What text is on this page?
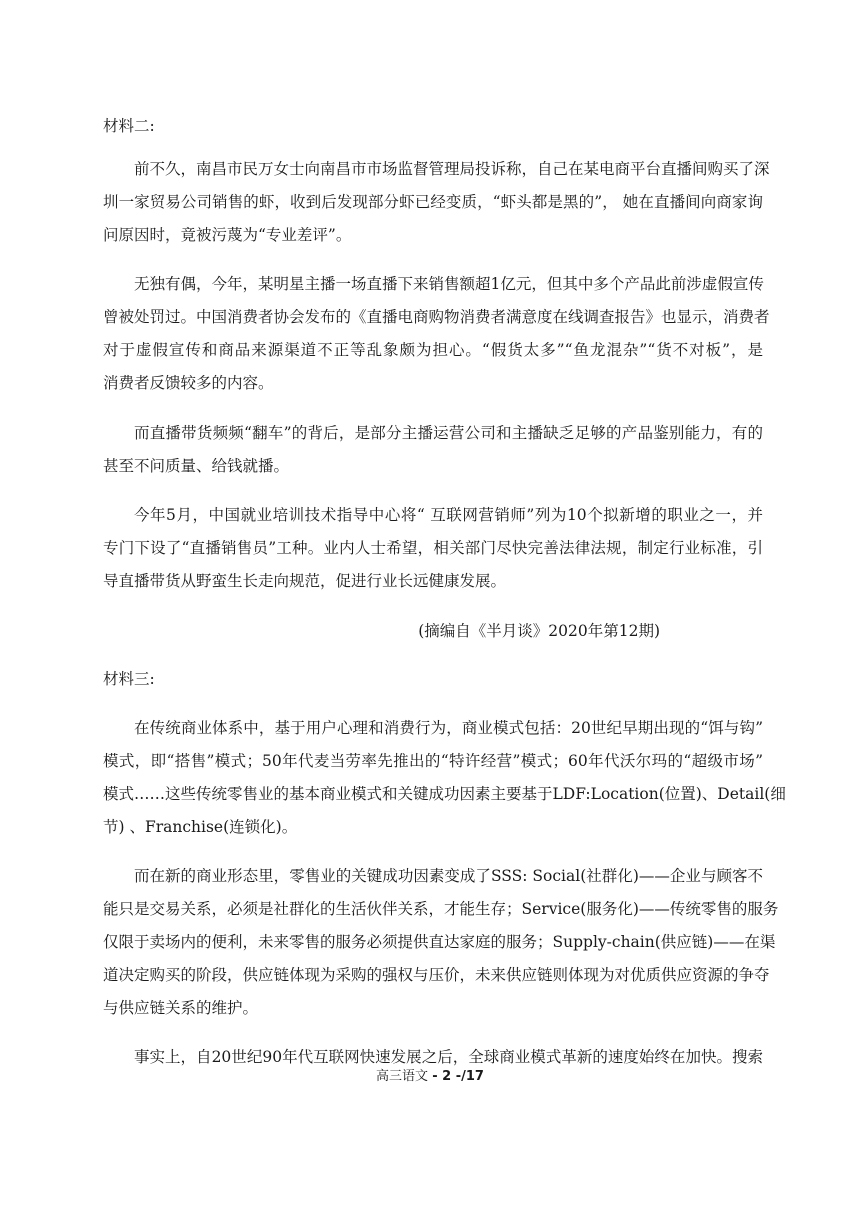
材料二:
前不久，南昌市民万女士向南昌市市场监督管理局投诉称，自己在某电商平台直播间购买了深
圳一家贸易公司销售的虾，收到后发现部分虾已经变质，“虾头都是黑的”， 她在直播间向商家询
问原因时，竟被污蔑为“专业差评”。
无独有偶，今年，某明星主播一场直播下来销售额超1亿元，但其中多个产品此前涉虚假宣传
曾被处罚过。中国消费者协会发布的《直播电商购物消费者满意度在线调查报告》也显示，消费者
对于虚假宣传和商品来源渠道不正等乱象颇为担心。“假货太多”“鱼龙混杂”“货不对板”，是
消费者反馈较多的内容。
而直播带货频频“翻车”的背后，是部分主播运营公司和主播缺乏足够的产品鉴别能力，有的
甚至不问质量、给钱就播。
今年5月，中国就业培训技术指导中心将“ 互联网营销师”列为10个拟新增的职业之一，并
专门下设了“直播销售员”工种。业内人士希望，相关部门尽快完善法律法规，制定行业标准，引
导直播带货从野蛮生长走向规范，促进行业长远健康发展。
(摘编自《半月谈》2020年第12期)
材料三:
在传统商业体系中，基于用户心理和消费行为，商业模式包括：20世纪早期出现的“饵与钩”
模式，即“搭售”模式；50年代麦当劳率先推出的“特许经营”模式；60年代沃尔玛的“超级市场”
模式……这些传统零售业的基本商业模式和关键成功因素主要基于LDF:Location(位置)、Detail(细
节) 、Franchise(连锁化)。
而在新的商业形态里，零售业的关键成功因素变成了SSS: Social(社群化)——企业与顾客不
能只是交易关系，必须是社群化的生活伙伴关系，才能生存；Service(服务化)——传统零售的服务
仅限于卖场内的便利，未来零售的服务必须提供直达家庭的服务；Supply-chain(供应链)——在渠
道决定购买的阶段，供应链体现为采购的强权与压价，未来供应链则体现为对优质供应资源的争夺
与供应链关系的维护。
事实上，自20世纪90年代互联网快速发展之后，全球商业模式革新的速度始终在加快。搜索
高三语文 - 2 -/17
